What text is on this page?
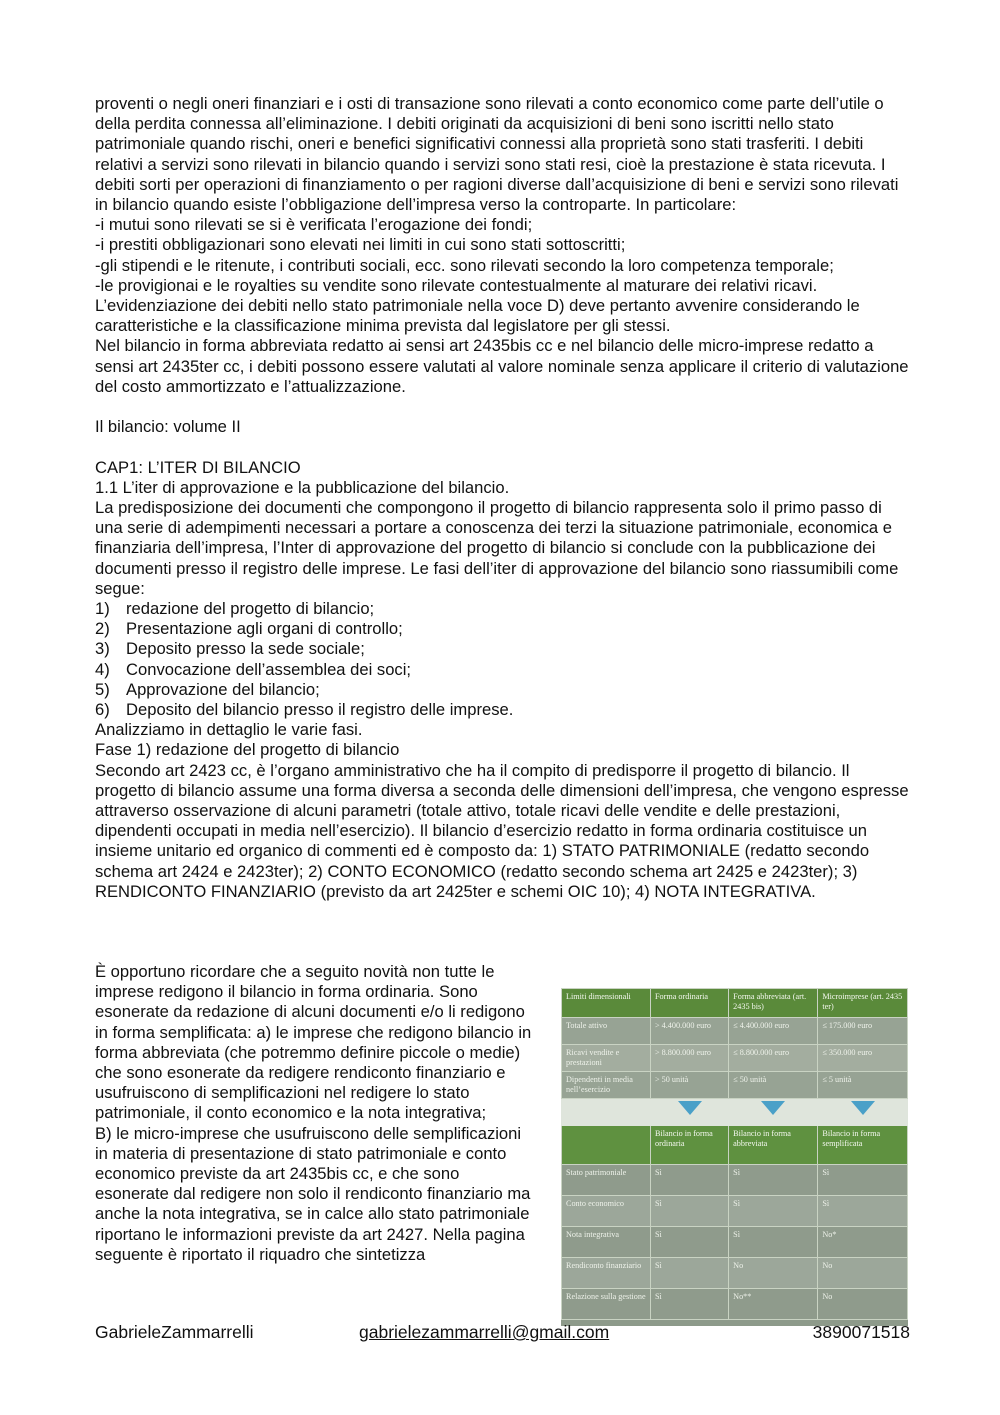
proventi o negli oneri finanziari e i osti di transazione sono rilevati a conto economico come parte dell’utile o della perdita connessa all’eliminazione. I debiti originati da acquisizioni di beni sono iscritti nello stato patrimoniale quando rischi, oneri e benefici significativi connessi alla proprietà sono stati trasferiti. I debiti relativi a servizi sono rilevati in bilancio quando i servizi sono stati resi, cioè la prestazione è stata ricevuta. I debiti sorti per operazioni di finanziamento o per ragioni diverse dall’acquisizione di beni e servizi sono rilevati in bilancio quando esiste l’obbligazione dell’impresa verso la controparte. In particolare:

-i mutui sono rilevati se si è verificata l’erogazione dei fondi;

-i prestiti obbligazionari sono elevati nei limiti in cui sono stati sottoscritti;

-gli stipendi e le ritenute, i contributi sociali, ecc. sono rilevati secondo la loro competenza temporale;

-le provigionai e le royalties su vendite sono rilevate contestualmente al maturare dei relativi ricavi.

L’evidenziazione dei debiti nello stato patrimoniale nella voce D) deve pertanto avvenire considerando le caratteristiche e la classificazione minima prevista dal legislatore per gli stessi.

Nel bilancio in forma abbreviata redatto ai sensi art 2435bis cc e nel bilancio delle micro-imprese redatto a sensi art 2435ter cc, i debiti possono essere valutati al valore nominale senza applicare il criterio di valutazione del costo ammortizzato e l’attualizzazione.

Il bilancio: volume II

CAP1: L’ITER DI BILANCIO

1.1 L’iter di approvazione e la pubblicazione del bilancio.

La predisposizione dei documenti che compongono il progetto di bilancio rappresenta solo il primo passo di una serie di adempimenti necessari a portare a conoscenza dei terzi la situazione patrimoniale, economica e finanziaria dell’impresa, l’Inter di approvazione del progetto di bilancio si conclude con la pubblicazione dei documenti presso il registro delle imprese. Le fasi dell’iter di approvazione del bilancio sono riassumibili come segue:

1) redazione del progetto di bilancio;
2) Presentazione agli organi di controllo;
3) Deposito presso la sede sociale;
4) Convocazione dell’assemblea dei soci;
5) Approvazione del bilancio;
6) Deposito del bilancio presso il registro delle imprese.

Analizziamo in dettaglio le varie fasi.

Fase 1) redazione del progetto di bilancio

Secondo art 2423 cc, è l’organo amministrativo che ha il compito di predisporre il progetto di bilancio. Il progetto di bilancio assume una forma diversa a seconda delle dimensioni dell’impresa, che vengono espresse attraverso osservazione di alcuni parametri (totale attivo, totale ricavi delle vendite e delle prestazioni, dipendenti occupati in media nell’esercizio). Il bilancio d’esercizio redatto in forma ordinaria costituisce un insieme unitario ed organico di commenti ed è composto da: 1) STATO PATRIMONIALE (redatto secondo schema art 2424 e 2423ter); 2) CONTO ECONOMICO (redatto secondo schema art 2425 e 2423ter); 3) RENDICONTO FINANZIARIO (previsto da art 2425ter e schemi OIC 10); 4) NOTA INTEGRATIVA.

È opportuno ricordare che a seguito novità non tutte le imprese redigono il bilancio in forma ordinaria. Sono esonerate da redazione di alcuni documenti e/o li redigono in forma semplificata: a) le imprese che redigono bilancio in forma abbreviata (che potremmo definire piccole o medie) che sono esonerate da redigere rendiconto finanziario e usufruiscono di semplificazioni nel redigere lo stato patrimoniale, il conto economico e la nota integrativa;

B) le micro-imprese che usufruiscono delle semplificazioni in materia di presentazione di stato patrimoniale e conto economico previste da art 2435bis cc, e che sono esonerate dal redigere non solo il rendiconto finanziario ma anche la nota integrativa, se in calce allo stato patrimoniale riportano le informazioni previste da art 2427. Nella pagina seguente è riportato il riquadro che sintetizza

Limiti dimensionali	Forma ordinaria	Forma abbreviata (art. 2435 bis)	Microimprese (art. 2435 ter)
Totale attivo	> 4.400.000 euro	≤ 4.400.000 euro	≤ 175.000 euro
Ricavi vendite e prestazioni	> 8.800.000 euro	≤ 8.800.000 euro	≤ 350.000 euro
Dipendenti in media nell’esercizio	> 50 unità	≤ 50 unità	≤ 5 unità

	Bilancio in forma ordinaria	Bilancio in forma abbreviata	Bilancio in forma semplificata
Stato patrimoniale	Sì	Sì	Sì
Conto economico	Sì	Sì	Sì
Nota integrativa	Sì	Sì	No*
Rendiconto finanziario	Sì	No	No
Relazione sulla gestione	Sì	No**	No
GabrieleZammarrelli	gabrielezammarrelli@gmail.com	3890071518
